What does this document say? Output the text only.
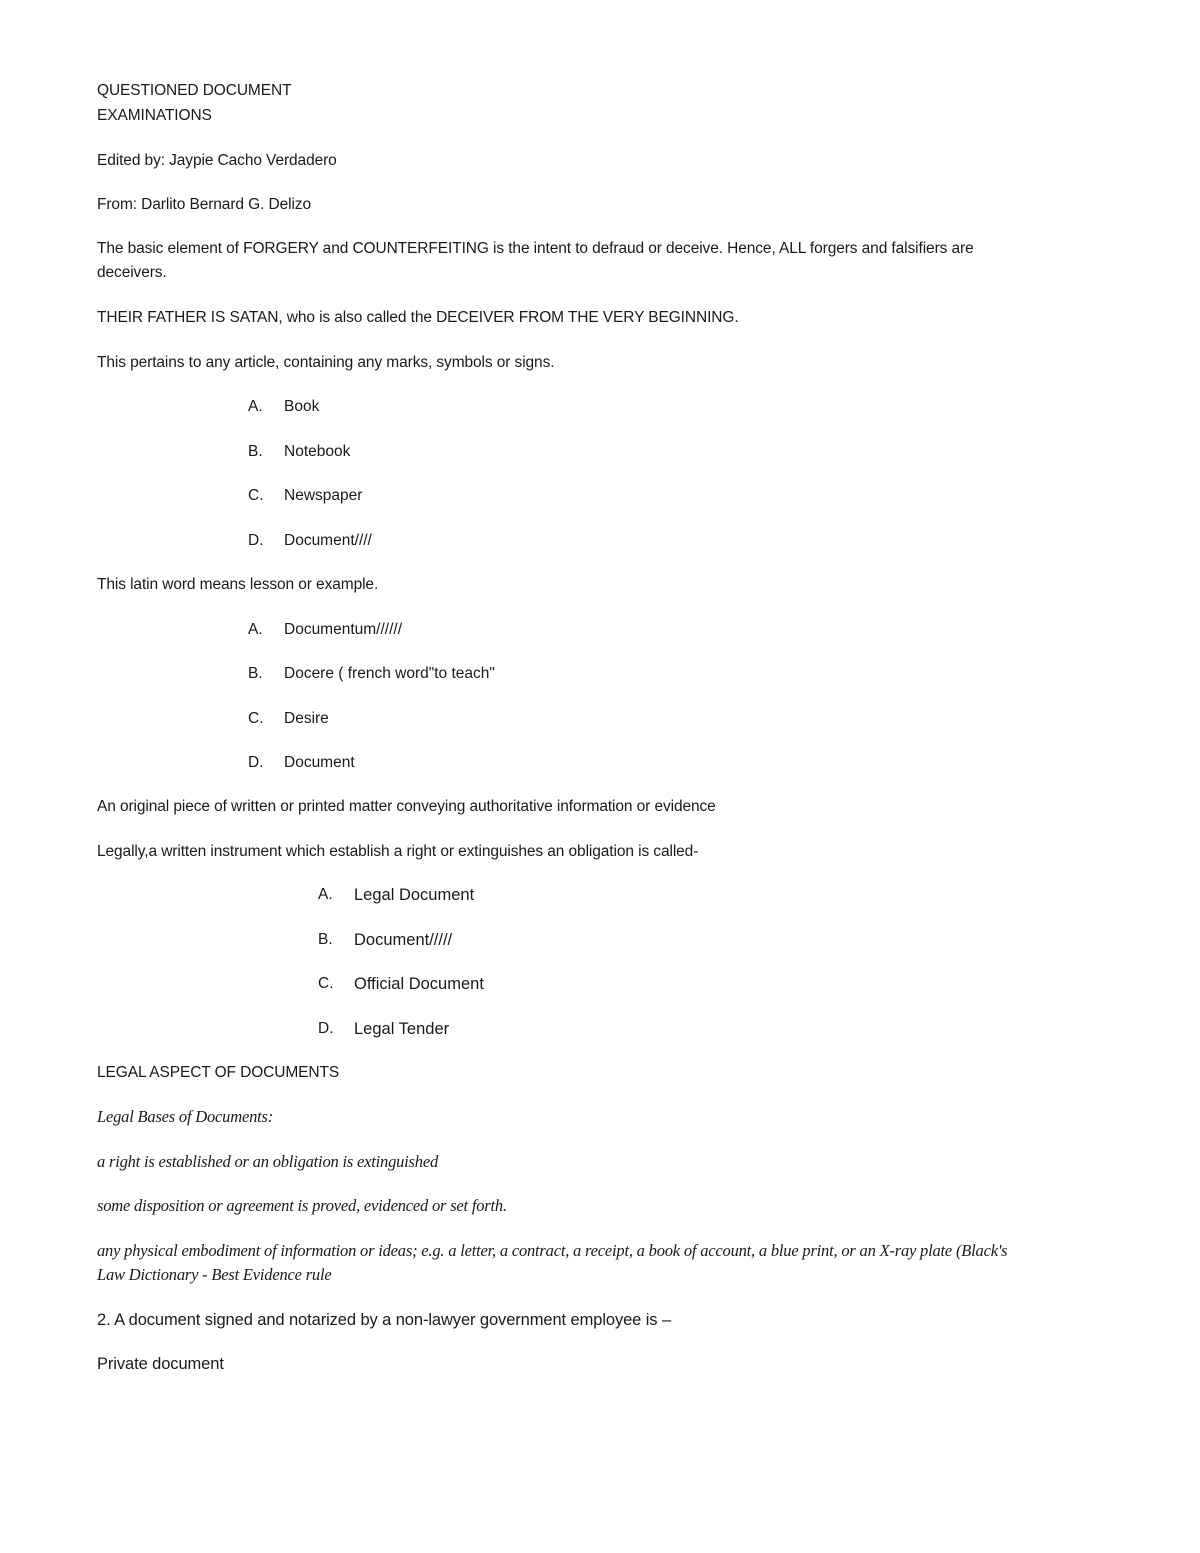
QUESTIONED DOCUMENT
EXAMINATIONS
Edited by: Jaypie Cacho Verdadero
From: Darlito Bernard G. Delizo
The basic element of FORGERY and COUNTERFEITING is the intent to defraud or deceive. Hence, ALL forgers and falsifiers are deceivers.
THEIR FATHER IS SATAN, who is also called the DECEIVER FROM THE VERY BEGINNING.
This pertains to any article, containing any marks, symbols or signs.
A. Book
B. Notebook
C. Newspaper
D. Document////
This latin word means lesson or example.
A. Documentum//////
B. Docere ( french word"to teach"
C. Desire
D. Document
An original piece of written or printed matter conveying authoritative information or evidence
Legally,a written instrument which establish a right or extinguishes an obligation is called-
A. Legal Document
B. Document/////
C. Official Document
D. Legal Tender
LEGAL ASPECT OF DOCUMENTS
Legal Bases of Documents:
a right is established or an obligation is extinguished
some disposition or agreement is proved, evidenced or set forth.
any physical embodiment of information or ideas; e.g. a letter, a contract, a receipt, a book of account, a blue print, or an X-ray plate (Black's Law Dictionary - Best Evidence rule
2. A document signed and notarized by a non-lawyer government employee is –
Private document
